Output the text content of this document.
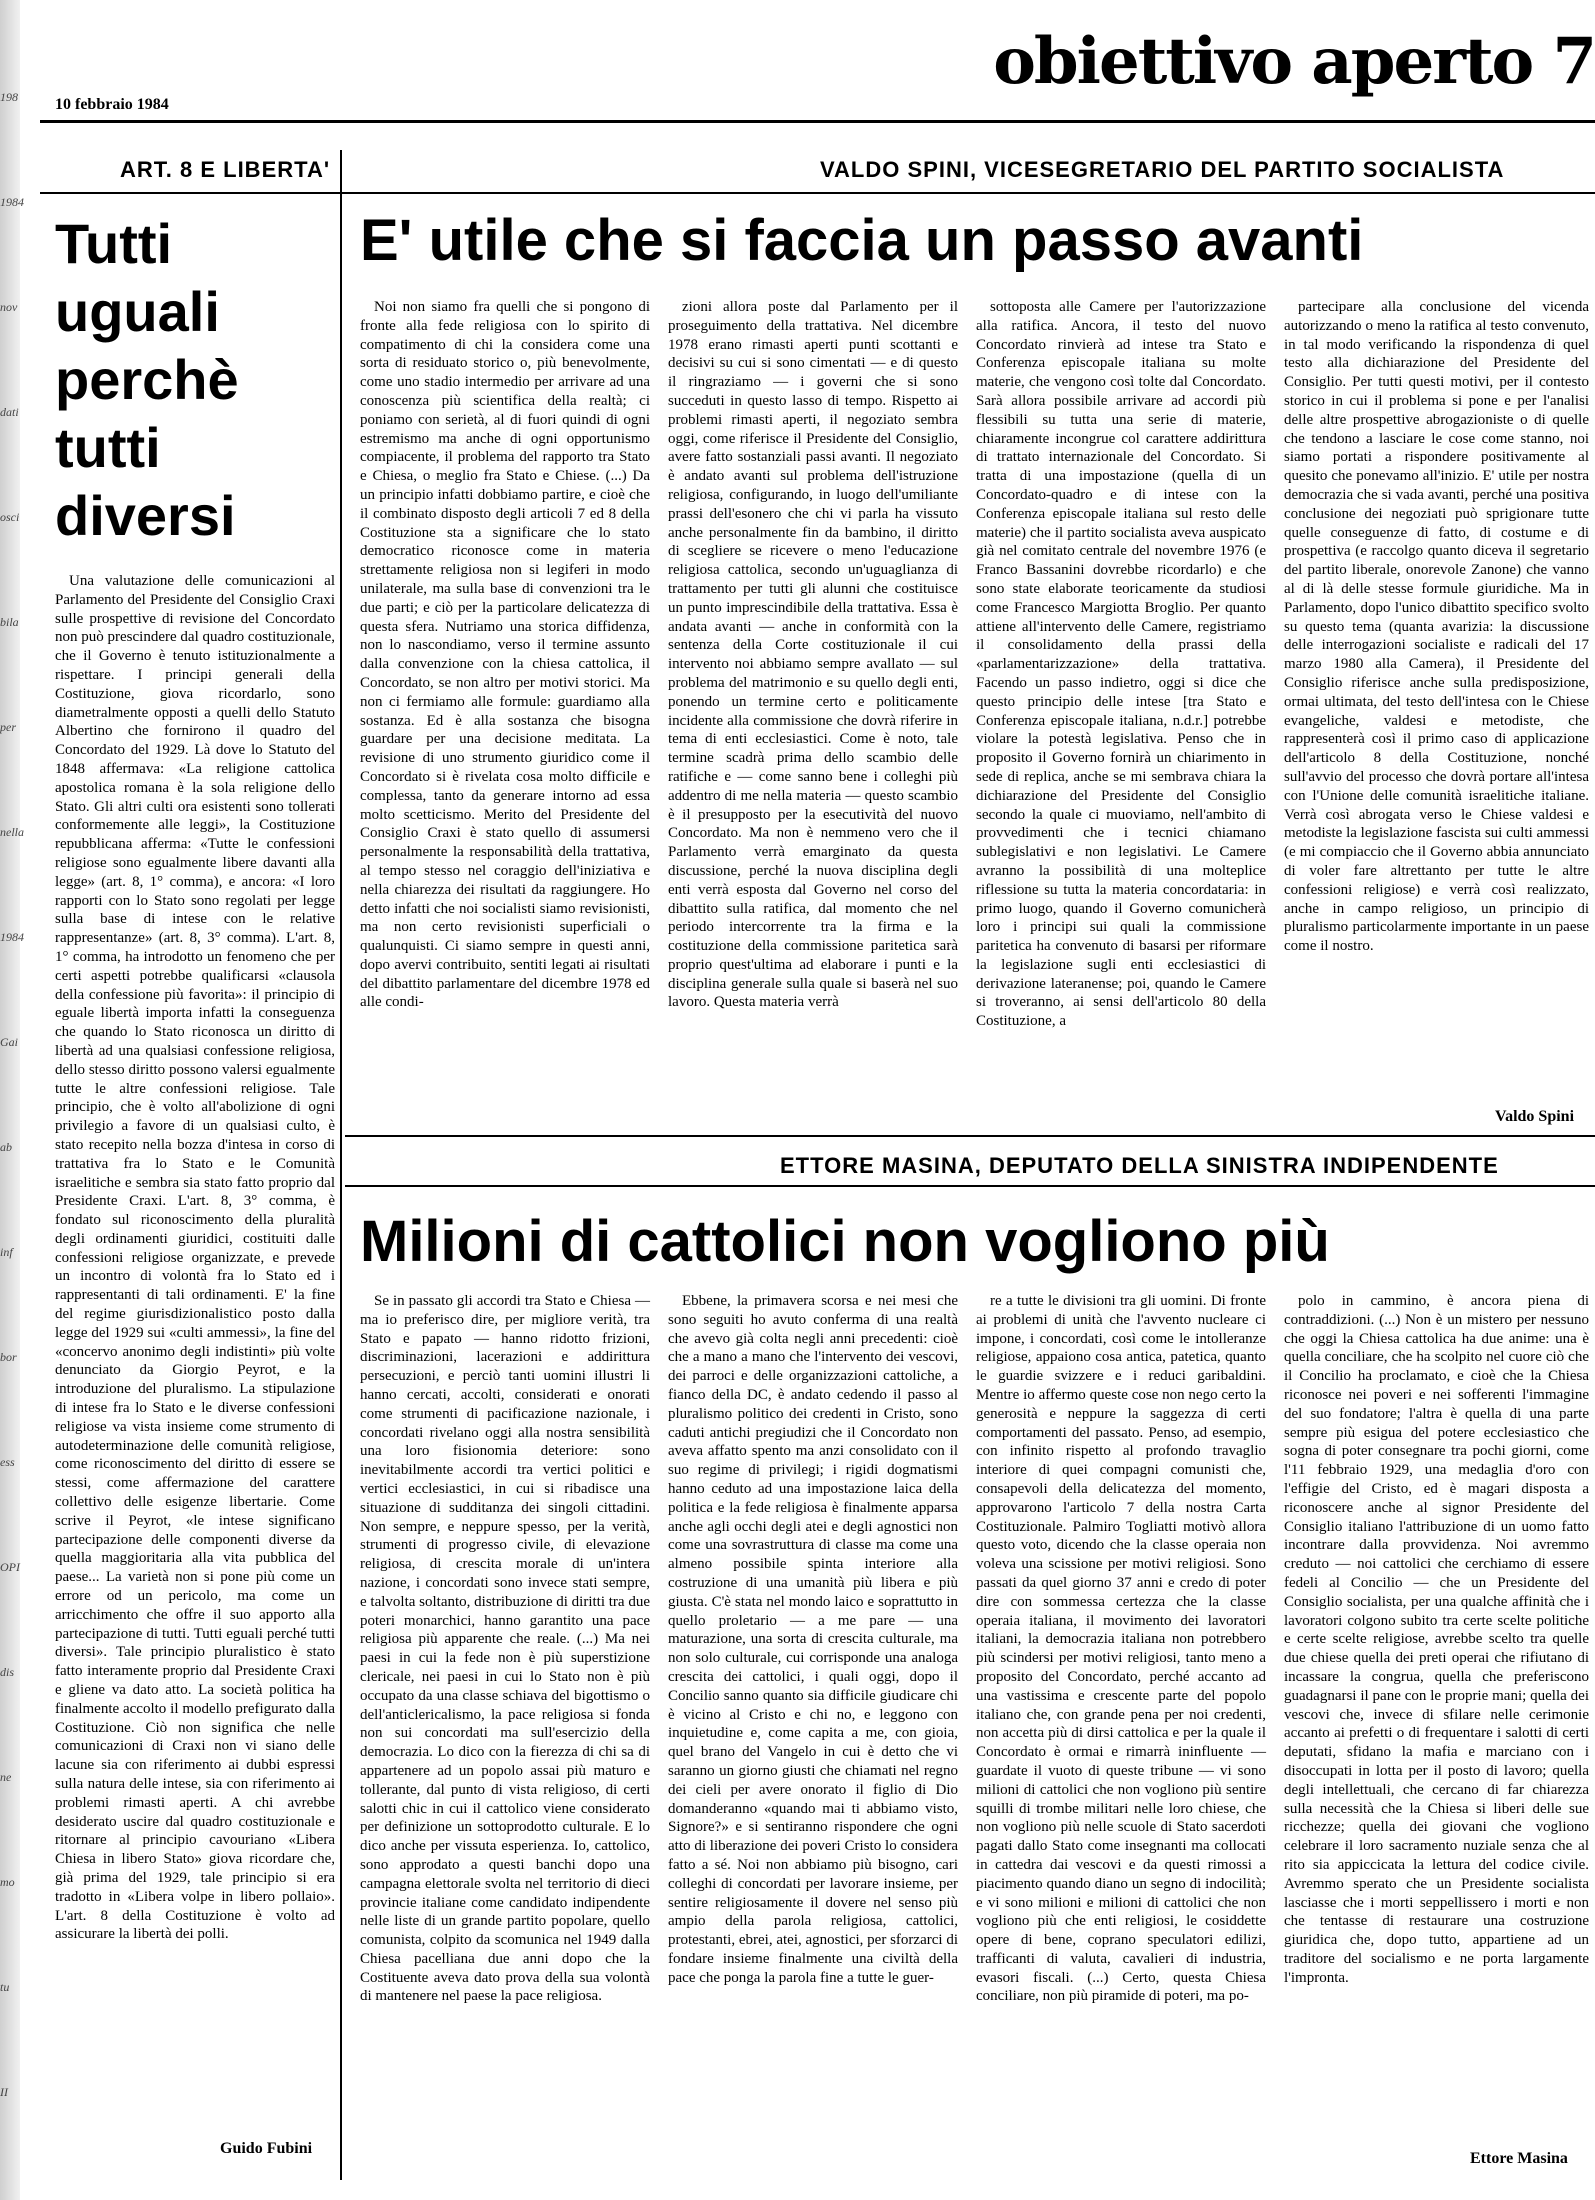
198
1984
nov
dati
osci
bila
per
nella
1984
Gai
ab
inf
bor
ess
OPI
dis
ne
mo
tu
II
obiettivo aperto 7
10 febbraio 1984
ART. 8 E LIBERTA'
Tutti
uguali
perchè
tutti
diversi

Una valutazione delle comunicazioni al Parlamento del Presidente del Consiglio Craxi sulle prospettive di revisione del Concordato non può prescindere dal quadro costituzionale, che il Governo è tenuto istituzionalmente a rispettare. I principi generali della Costituzione, giova ricordarlo, sono diametralmente opposti a quelli dello Statuto Albertino che fornirono il quadro del Concordato del 1929. Là dove lo Statuto del 1848 affermava: «La religione cattolica apostolica romana è la sola religione dello Stato. Gli altri culti ora esistenti sono tollerati conformemente alle leggi», la Costituzione repubblicana afferma: «Tutte le confessioni religiose sono egualmente libere davanti alla legge» (art. 8, 1° comma), e ancora: «I loro rapporti con lo Stato sono regolati per legge sulla base di intese con le relative rappresentanze» (art. 8, 3° comma). L'art. 8, 1° comma, ha introdotto un fenomeno che per certi aspetti potrebbe qualificarsi «clausola della confessione più favorita»: il principio di eguale libertà importa infatti la conseguenza che quando lo Stato riconosca un diritto di libertà ad una qualsiasi confessione religiosa, dello stesso diritto possono valersi egualmente tutte le altre confessioni religiose. Tale principio, che è volto all'abolizione di ogni privilegio a favore di un qualsiasi culto, è stato recepito nella bozza d'intesa in corso di trattativa fra lo Stato e le Comunità israelitiche e sembra sia stato fatto proprio dal Presidente Craxi. L'art. 8, 3° comma, è fondato sul riconoscimento della pluralità degli ordinamenti giuridici, costituiti dalle confessioni religiose organizzate, e prevede un incontro di volontà fra lo Stato ed i rappresentanti di tali ordinamenti. E' la fine del regime giurisdizionalistico posto dalla legge del 1929 sui «culti ammessi», la fine del «concervo anonimo degli indistinti» più volte denunciato da Giorgio Peyrot, e la introduzione del pluralismo. La stipulazione di intese fra lo Stato e le diverse confessioni religiose va vista insieme come strumento di autodeterminazione delle comunità religiose, come riconoscimento del diritto di essere se stessi, come affermazione del carattere collettivo delle esigenze libertarie. Come scrive il Peyrot, «le intese significano partecipazione delle componenti diverse da quella maggioritaria alla vita pubblica del paese... La varietà non si pone più come un errore od un pericolo, ma come un arricchimento che offre il suo apporto alla partecipazione di tutti. Tutti eguali perché tutti diversi». Tale principio pluralistico è stato fatto interamente proprio dal Presidente Craxi e gliene va dato atto. La società politica ha finalmente accolto il modello prefigurato dalla Costituzione. Ciò non significa che nelle comunicazioni di Craxi non vi siano delle lacune sia con riferimento ai dubbi espressi sulla natura delle intese, sia con riferimento ai problemi rimasti aperti. A chi avrebbe desiderato uscire dal quadro costituzionale e ritornare al principio cavouriano «Libera Chiesa in libero Stato» giova ricordare che, già prima del 1929, tale principio si era tradotto in «Libera volpe in libero pollaio». L'art. 8 della Costituzione è volto ad assicurare la libertà dei polli.

Guido Fubini
VALDO SPINI, VICESEGRETARIO DEL PARTITO SOCIALISTA
E' utile che si faccia un passo avanti

Noi non siamo fra quelli che si pongono di fronte alla fede religiosa con lo spirito di compatimento di chi la considera come una sorta di residuato storico o, più benevolmente, come uno stadio intermedio per arrivare ad una conoscenza più scientifica della realtà; ci poniamo con serietà, al di fuori quindi di ogni estremismo ma anche di ogni opportunismo compiacente, il problema del rapporto tra Stato e Chiesa, o meglio fra Stato e Chiese. (...) Da un principio infatti dobbiamo partire, e cioè che il combinato disposto degli articoli 7 ed 8 della Costituzione sta a significare che lo stato democratico riconosce come in materia strettamente religiosa non si legiferi in modo unilaterale, ma sulla base di convenzioni tra le due parti; e ciò per la particolare delicatezza di questa sfera. Nutriamo una storica diffidenza, non lo nascondiamo, verso il termine assunto dalla convenzione con la chiesa cattolica, il Concordato, se non altro per motivi storici. Ma non ci fermiamo alle formule: guardiamo alla sostanza. Ed è alla sostanza che bisogna guardare per una decisione meditata. La revisione di uno strumento giuridico come il Concordato si è rivelata cosa molto difficile e complessa, tanto da generare intorno ad essa molto scetticismo. Merito del Presidente del Consiglio Craxi è stato quello di assumersi personalmente la responsabilità della trattativa, al tempo stesso nel coraggio dell'iniziativa e nella chiarezza dei risultati da raggiungere. Ho detto infatti che noi socialisti siamo revisionisti, ma non certo revisionisti superficiali o qualunquisti. Ci siamo sempre in questi anni, dopo avervi contribuito, sentiti legati ai risultati del dibattito parlamentare del dicembre 1978 ed alle condi-

zioni allora poste dal Parlamento per il proseguimento della trattativa. Nel dicembre 1978 erano rimasti aperti punti scottanti e decisivi su cui si sono cimentati — e di questo il ringraziamo — i governi che si sono succeduti in questo lasso di tempo. Rispetto ai problemi rimasti aperti, il negoziato sembra oggi, come riferisce il Presidente del Consiglio, avere fatto sostanziali passi avanti. Il negoziato è andato avanti sul problema dell'istruzione religiosa, configurando, in luogo dell'umiliante prassi dell'esonero che chi vi parla ha vissuto anche personalmente fin da bambino, il diritto di scegliere se ricevere o meno l'educazione religiosa cattolica, secondo un'uguaglianza di trattamento per tutti gli alunni che costituisce un punto imprescindibile della trattativa. Essa è andata avanti — anche in conformità con la sentenza della Corte costituzionale il cui intervento noi abbiamo sempre avallato — sul problema del matrimonio e su quello degli enti, ponendo un termine certo e politicamente incidente alla commissione che dovrà riferire in tema di enti ecclesiastici. Come è noto, tale termine scadrà prima dello scambio delle ratifiche e — come sanno bene i colleghi più addentro di me nella materia — questo scambio è il presupposto per la esecutività del nuovo Concordato. Ma non è nemmeno vero che il Parlamento verrà emarginato da questa discussione, perché la nuova disciplina degli enti verrà esposta dal Governo nel corso del dibattito sulla ratifica, dal momento che nel periodo intercorrente tra la firma e la costituzione della commissione paritetica sarà proprio quest'ultima ad elaborare i punti e la disciplina generale sulla quale si baserà nel suo lavoro. Questa materia verrà

sottoposta alle Camere per l'autorizzazione alla ratifica. Ancora, il testo del nuovo Concordato rinvierà ad intese tra Stato e Conferenza episcopale italiana su molte materie, che vengono così tolte dal Concordato. Sarà allora possibile arrivare ad accordi più flessibili su tutta una serie di materie, chiaramente incongrue col carattere addirittura di trattato internazionale del Concordato. Si tratta di una impostazione (quella di un Concordato-quadro e di intese con la Conferenza episcopale italiana sul resto delle materie) che il partito socialista aveva auspicato già nel comitato centrale del novembre 1976 (e Franco Bassanini dovrebbe ricordarlo) e che sono state elaborate teoricamente da studiosi come Francesco Margiotta Broglio. Per quanto attiene all'intervento delle Camere, registriamo il consolidamento della prassi della «parlamentarizzazione» della trattativa. Facendo un passo indietro, oggi si dice che questo principio delle intese [tra Stato e Conferenza episcopale italiana, n.d.r.] potrebbe violare la potestà legislativa. Penso che in proposito il Governo fornirà un chiarimento in sede di replica, anche se mi sembrava chiara la dichiarazione del Presidente del Consiglio secondo la quale ci muoviamo, nell'ambito di provvedimenti che i tecnici chiamano sublegislativi e non legislativi. Le Camere avranno la possibilità di una molteplice riflessione su tutta la materia concordataria: in primo luogo, quando il Governo comunicherà loro i principi sui quali la commissione paritetica ha convenuto di basarsi per riformare la legislazione sugli enti ecclesiastici di derivazione lateranense; poi, quando le Camere si troveranno, ai sensi dell'articolo 80 della Costituzione, a

partecipare alla conclusione del vicenda autorizzando o meno la ratifica al testo convenuto, in tal modo verificando la rispondenza di quel testo alla dichiarazione del Presidente del Consiglio. Per tutti questi motivi, per il contesto storico in cui il problema si pone e per l'analisi delle altre prospettive abrogazioniste o di quelle che tendono a lasciare le cose come stanno, noi siamo portati a rispondere positivamente al quesito che ponevamo all'inizio. E' utile per nostra democrazia che si vada avanti, perché una positiva conclusione dei negoziati può sprigionare tutte quelle conseguenze di fatto, di costume e di prospettiva (e raccolgo quanto diceva il segretario del partito liberale, onorevole Zanone) che vanno al di là delle stesse formule giuridiche. Ma in Parlamento, dopo l'unico dibattito specifico svolto su questo tema (quanta avarizia: la discussione delle interrogazioni socialiste e radicali del 17 marzo 1980 alla Camera), il Presidente del Consiglio riferisce anche sulla predisposizione, ormai ultimata, del testo dell'intesa con le Chiese evangeliche, valdesi e metodiste, che rappresenterà così il primo caso di applicazione dell'articolo 8 della Costituzione, nonché sull'avvio del processo che dovrà portare all'intesa con l'Unione delle comunità israelitiche italiane. Verrà così abrogata verso le Chiese valdesi e metodiste la legislazione fascista sui culti ammessi (e mi compiaccio che il Governo abbia annunciato di voler fare altrettanto per tutte le altre confessioni religiose) e verrà così realizzato, anche in campo religioso, un principio di pluralismo particolarmente importante in un paese come il nostro.

Valdo Spini
ETTORE MASINA, DEPUTATO DELLA SINISTRA INDIPENDENTE
Milioni di cattolici non vogliono più

Se in passato gli accordi tra Stato e Chiesa — ma io preferisco dire, per migliore verità, tra Stato e papato — hanno ridotto frizioni, discriminazioni, lacerazioni e addirittura persecuzioni, e perciò tanti uomini illustri li hanno cercati, accolti, considerati e onorati come strumenti di pacificazione nazionale, i concordati rivelano oggi alla nostra sensibilità una loro fisionomia deteriore: sono inevitabilmente accordi tra vertici politici e vertici ecclesiastici, in cui si ribadisce una situazione di sudditanza dei singoli cittadini. Non sempre, e neppure spesso, per la verità, strumenti di progresso civile, di elevazione religiosa, di crescita morale di un'intera nazione, i concordati sono invece stati sempre, e talvolta soltanto, distribuzione di diritti tra due poteri monarchici, hanno garantito una pace religiosa più apparente che reale. (...) Ma nei paesi in cui la fede non è più superstizione clericale, nei paesi in cui lo Stato non è più occupato da una classe schiava del bigottismo o dell'anticlericalismo, la pace religiosa si fonda non sui concordati ma sull'esercizio della democrazia. Lo dico con la fierezza di chi sa di appartenere ad un popolo assai più maturo e tollerante, dal punto di vista religioso, di certi salotti chic in cui il cattolico viene considerato per definizione un sottoprodotto culturale. E lo dico anche per vissuta esperienza. Io, cattolico, sono approdato a questi banchi dopo una campagna elettorale svolta nel territorio di dieci provincie italiane come candidato indipendente nelle liste di un grande partito popolare, quello comunista, colpito da scomunica nel 1949 dalla Chiesa pacelliana due anni dopo che la Costituente aveva dato prova della sua volontà di mantenere nel paese la pace religiosa.

Ebbene, la primavera scorsa e nei mesi che sono seguiti ho avuto conferma di una realtà che avevo già colta negli anni precedenti: cioè che a mano a mano che l'intervento dei vescovi, dei parroci e delle organizzazioni cattoliche, a fianco della DC, è andato cedendo il passo al pluralismo politico dei credenti in Cristo, sono caduti antichi pregiudizi che il Concordato non aveva affatto spento ma anzi consolidato con il suo regime di privilegi; i rigidi dogmatismi hanno ceduto ad una impostazione laica della politica e la fede religiosa è finalmente apparsa anche agli occhi degli atei e degli agnostici non come una sovrastruttura di classe ma come una almeno possibile spinta interiore alla costruzione di una umanità più libera e più giusta. C'è stata nel mondo laico e soprattutto in quello proletario — a me pare — una maturazione, una sorta di crescita culturale, ma non solo culturale, cui corrisponde una analoga crescita dei cattolici, i quali oggi, dopo il Concilio sanno quanto sia difficile giudicare chi è vicino al Cristo e chi no, e leggono con inquietudine e, come capita a me, con gioia, quel brano del Vangelo in cui è detto che vi saranno un giorno giusti che chiamati nel regno dei cieli per avere onorato il figlio di Dio domanderanno «quando mai ti abbiamo visto, Signore?» e si sentiranno rispondere che ogni atto di liberazione dei poveri Cristo lo considera fatto a sé. Noi non abbiamo più bisogno, cari colleghi di concordati per lavorare insieme, per sentire religiosamente il dovere nel senso più ampio della parola religiosa, cattolici, protestanti, ebrei, atei, agnostici, per sforzarci di fondare insieme finalmente una civiltà della pace che ponga la parola fine a tutte le guer-

re a tutte le divisioni tra gli uomini. Di fronte ai problemi di unità che l'avvento nucleare ci impone, i concordati, così come le intolleranze religiose, appaiono cosa antica, patetica, quanto le guardie svizzere e i reduci garibaldini. Mentre io affermo queste cose non nego certo la generosità e neppure la saggezza di certi comportamenti del passato. Penso, ad esempio, con infinito rispetto al profondo travaglio interiore di quei compagni comunisti che, consapevoli della delicatezza del momento, approvarono l'articolo 7 della nostra Carta Costituzionale. Palmiro Togliatti motivò allora questo voto, dicendo che la classe operaia non voleva una scissione per motivi religiosi. Sono passati da quel giorno 37 anni e credo di poter dire con sommessa certezza che la classe operaia italiana, il movimento dei lavoratori italiani, la democrazia italiana non potrebbero più scindersi per motivi religiosi, tanto meno a proposito del Concordato, perché accanto ad una vastissima e crescente parte del popolo italiano che, con grande pena per noi credenti, non accetta più di dirsi cattolica e per la quale il Concordato è ormai e rimarrà ininfluente — guardate il vuoto di queste tribune — vi sono milioni di cattolici che non vogliono più sentire squilli di trombe militari nelle loro chiese, che non vogliono più nelle scuole di Stato sacerdoti pagati dallo Stato come insegnanti ma collocati in cattedra dai vescovi e da questi rimossi a piacimento quando diano un segno di indocilità; e vi sono milioni e milioni di cattolici che non vogliono più che enti religiosi, le cosiddette opere di bene, coprano speculatori edilizi, trafficanti di valuta, cavalieri di industria, evasori fiscali. (...) Certo, questa Chiesa conciliare, non più piramide di poteri, ma po-

polo in cammino, è ancora piena di contraddizioni. (...) Non è un mistero per nessuno che oggi la Chiesa cattolica ha due anime: una è quella conciliare, che ha scolpito nel cuore ciò che il Concilio ha proclamato, e cioè che la Chiesa riconosce nei poveri e nei sofferenti l'immagine del suo fondatore; l'altra è quella di una parte sempre più esigua del potere ecclesiastico che sogna di poter consegnare tra pochi giorni, come l'11 febbraio 1929, una medaglia d'oro con l'effigie del Cristo, ed è magari disposta a riconoscere anche al signor Presidente del Consiglio italiano l'attribuzione di un uomo fatto incontrare dalla provvidenza. Noi avremmo creduto — noi cattolici che cerchiamo di essere fedeli al Concilio — che un Presidente del Consiglio socialista, per una qualche affinità che i lavoratori colgono subito tra certe scelte politiche e certe scelte religiose, avrebbe scelto tra quelle due chiese quella dei preti operai che rifiutano di incassare la congrua, quella che preferiscono guadagnarsi il pane con le proprie mani; quella dei vescovi che, invece di sfilare nelle cerimonie accanto ai prefetti o di frequentare i salotti di certi deputati, sfidano la mafia e marciano con i disoccupati in lotta per il posto di lavoro; quella degli intellettuali, che cercano di far chiarezza sulla necessità che la Chiesa si liberi delle sue ricchezze; quella dei giovani che vogliono celebrare il loro sacramento nuziale senza che al rito sia appiccicata la lettura del codice civile. Avremmo sperato che un Presidente socialista lasciasse che i morti seppellissero i morti e non che tentasse di restaurare una costruzione giuridica che, dopo tutto, appartiene ad un traditore del socialismo e ne porta largamente l'impronta.

Ettore Masina
